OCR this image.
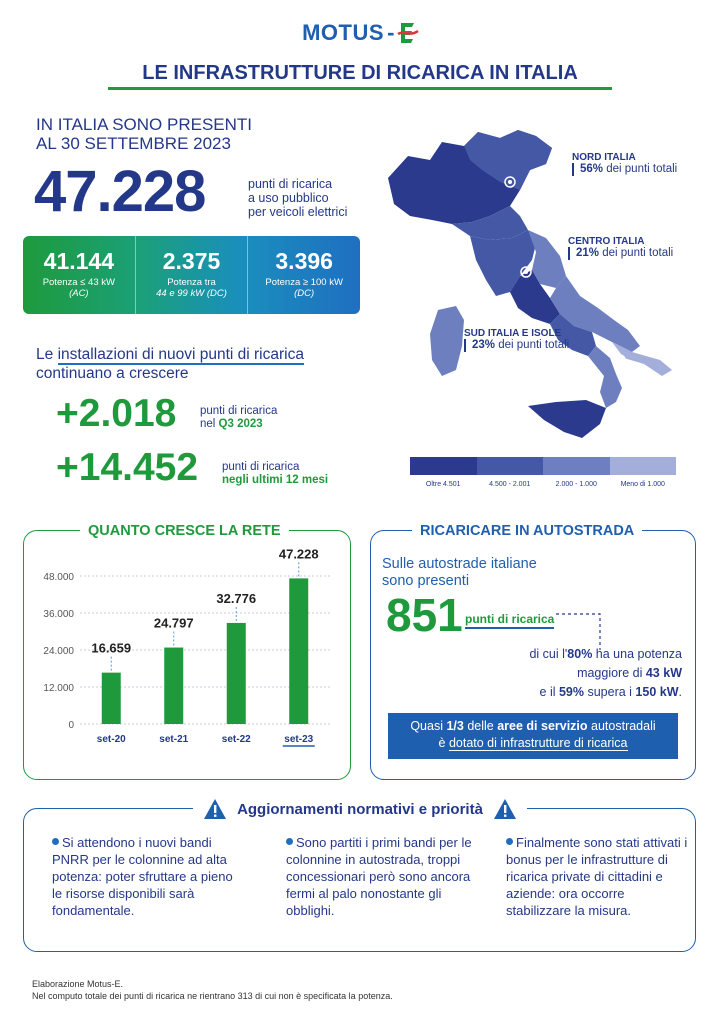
MOTUS -
LE INFRASTRUTTURE DI RICARICA IN ITALIA
IN ITALIA SONO PRESENTI
AL 30 SETTEMBRE 2023
47.228	punti di ricarica
a uso pubblico
per veicoli elettrici
41.144
Potenza ≤ 43 kW
(AC)
2.375
Potenza tra
44 e 99 kW (DC)
3.396
Potenza ≥ 100 kW
(DC)
Le installazioni di nuovi punti di ricarica
continuano a crescere
+2.018 punti di ricarica
nel Q3 2023
+14.452 punti di ricarica
negli ultimi 12 mesi
NORD ITALIA
56% dei punti totali
CENTRO ITALIA
21% dei punti totali
SUD ITALIA E ISOLE
23% dei punti totali
Oltre 4.501	4.500 - 2.001	2.000 - 1.000	Meno di 1.000
QUANTO CRESCE LA RETE
0
12.000
24.000
36.000
48.000
16.659
set-20
24.797
set-21
32.776
set-22
47.228
set-23
RICARICARE IN AUTOSTRADA
Sulle autostrade italiane
sono presenti
851 punti di ricarica
di cui l'80% ha una potenza
maggiore di 43 kW
e il 59% supera i 150 kW.
Quasi 1/3 delle aree di servizio autostradali
è dotato di infrastrutture di ricarica
Aggiornamenti normativi e priorità
Si attendono i nuovi bandi PNRR per le colonnine ad alta potenza: poter sfruttare a pieno le risorse disponibili sarà fondamentale.
Sono partiti i primi bandi per le colonnine in autostrada, troppi concessionari però sono ancora fermi al palo nonostante gli obblighi.
Finalmente sono stati attivati i bonus per le infrastrutture di ricarica private di cittadini e aziende: ora occorre stabilizzare la misura.
Elaborazione Motus-E.
Nel computo totale dei punti di ricarica ne rientrano 313 di cui non è specificata la potenza.
